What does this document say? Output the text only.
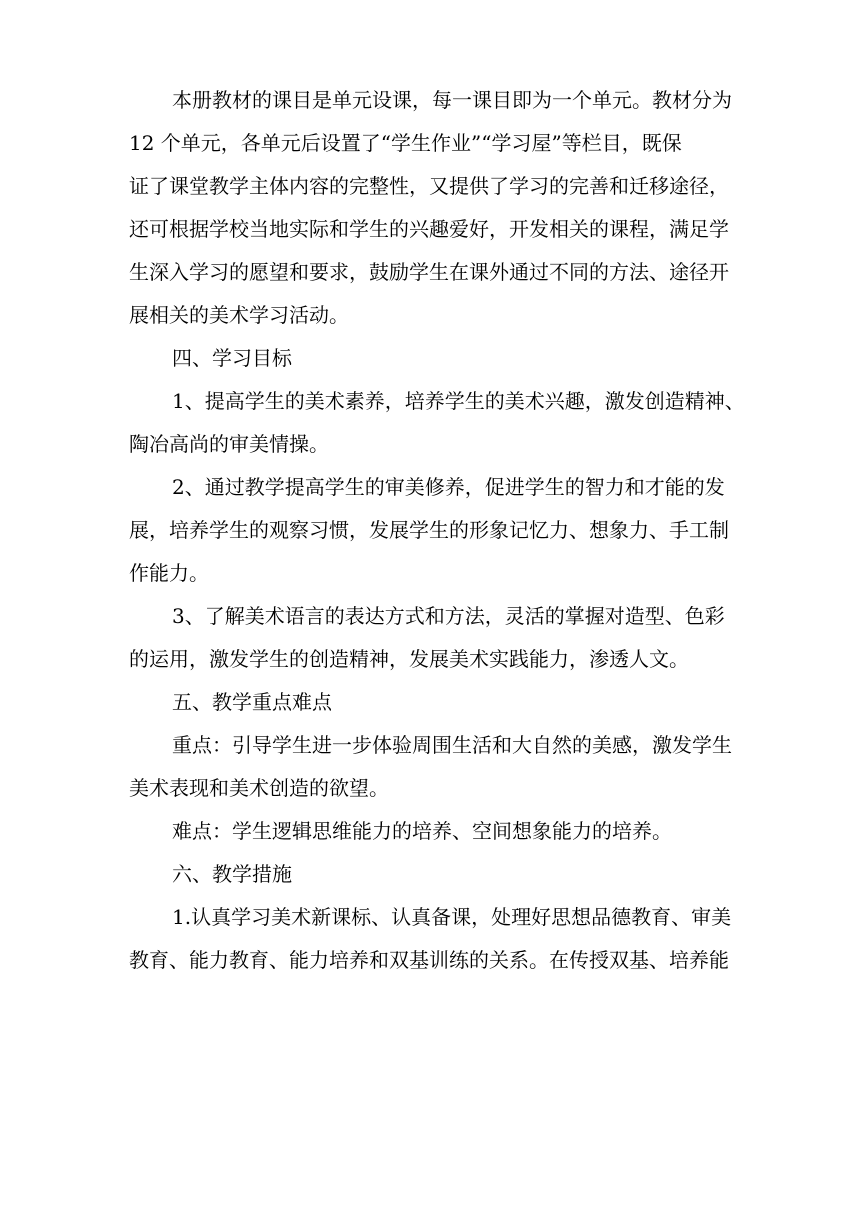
本册教材的课目是单元设课，每一课目即为一个单元。教材分为
12 个单元，各单元后设置了“学生作业”“学习屋”等栏目，既保
证了课堂教学主体内容的完整性，又提供了学习的完善和迁移途径，
还可根据学校当地实际和学生的兴趣爱好，开发相关的课程，满足学
生深入学习的愿望和要求，鼓励学生在课外通过不同的方法、途径开
展相关的美术学习活动。
四、学习目标
1、提高学生的美术素养，培养学生的美术兴趣，激发创造精神、
陶冶高尚的审美情操。
2、通过教学提高学生的审美修养，促进学生的智力和才能的发
展，培养学生的观察习惯，发展学生的形象记忆力、想象力、手工制
作能力。
3、了解美术语言的表达方式和方法，灵活的掌握对造型、色彩
的运用，激发学生的创造精神，发展美术实践能力，渗透人文。
五、教学重点难点
重点：引导学生进一步体验周围生活和大自然的美感，激发学生
美术表现和美术创造的欲望。
难点：学生逻辑思维能力的培养、空间想象能力的培养。
六、教学措施
1.认真学习美术新课标、认真备课，处理好思想品德教育、审美
教育、能力教育、能力培养和双基训练的关系。在传授双基、培养能
